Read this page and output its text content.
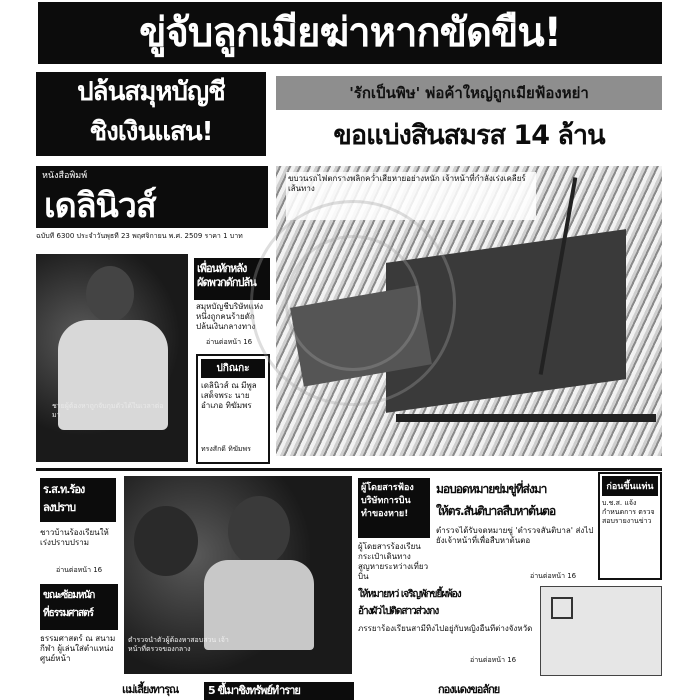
ขู่จับลูกเมียฆ่าหากขัดขืน!
ปล้นสมุหบัญชี
ชิงเงินแสน!
'รักเป็นพิษ' พ่อค้าใหญ่ถูกเมียฟ้องหย่า
ขอแบ่งสินสมรส 14 ล้าน
หนังสือพิมพ์
เดลินิวส์
ฉบับที่ 6300 ประจำวันพุธที่ 23 พฤศจิกายน พ.ศ. 2509 ราคา 1 บาท
ขบวนรถไฟตกรางพลิกคว่ำเสียหายอย่างหนัก เจ้าหน้าที่กำลังเร่งเคลียร์เส้นทาง
ชายผู้ต้องหาถูกจับกุมตัวได้ในเวลาต่อมา
เพื่อนหักหลัง
ผัดพวกดักปล้น
สมุหบัญชีบริษัทแห่งหนึ่งถูกคนร้ายดักปล้นเงินกลางทาง
อ่านต่อหน้า 16
ปกิณกะ
เดลินิวส์ ณ มีพูล เสด็จพระ นายอำเภอ ทิฆัมพร
ทรงสักดิ์ ทิฆัมพร
ร.ส.ท.ร้อง
ลงปราบ
ชาวบ้านร้องเรียนให้เร่งปราบปราม
อ่านต่อหน้า 16
ขณะซ้อมหนัก
ที่ธรรมศาสตร์
ธรรมศาสตร์ ณ สนามกีฬา ผู้เล่นใส่ตำแหน่งศูนย์หน้า
ตำรวจนำตัวผู้ต้องหาสอบสวน เจ้าหน้าที่ตรวจของกลาง
ผู้โดยสารฟ้อง
บริษัทการบิน
ทำของหาย!
ผู้โดยสารร้องเรียนกระเป๋าเดินทางสูญหายระหว่างเที่ยวบิน
มอบอดหมายข่มขู่ที่ส่งมา
ให้ตร.สันติบาลสืบหาต้นตอ
ตำรวจได้รับจดหมายขู่ 'ตำรวจสันติบาล' ส่งไปยังเจ้าหน้าที่เพื่อสืบหาต้นตอ
อ่านต่อหน้า 16
ก่อนขึ้นแท่น
บ.ช.ส. แจ้งกำหนดการ ตรวจสอบรายงานข่าว
ให้หมายหว่ เจริญพักขยี้ผพ้อง
อ้างผัวไปติดสาวส่วงกง
ภรรยาร้องเรียนสามีทิ้งไปอยู่กับหญิงอื่นที่ต่างจังหวัด
อ่านต่อหน้า 16
แม่เลี้ยงทารุณ	5 ขึ้เมาชิงทรัพย์ทำราย	กองแดงขอลักย
